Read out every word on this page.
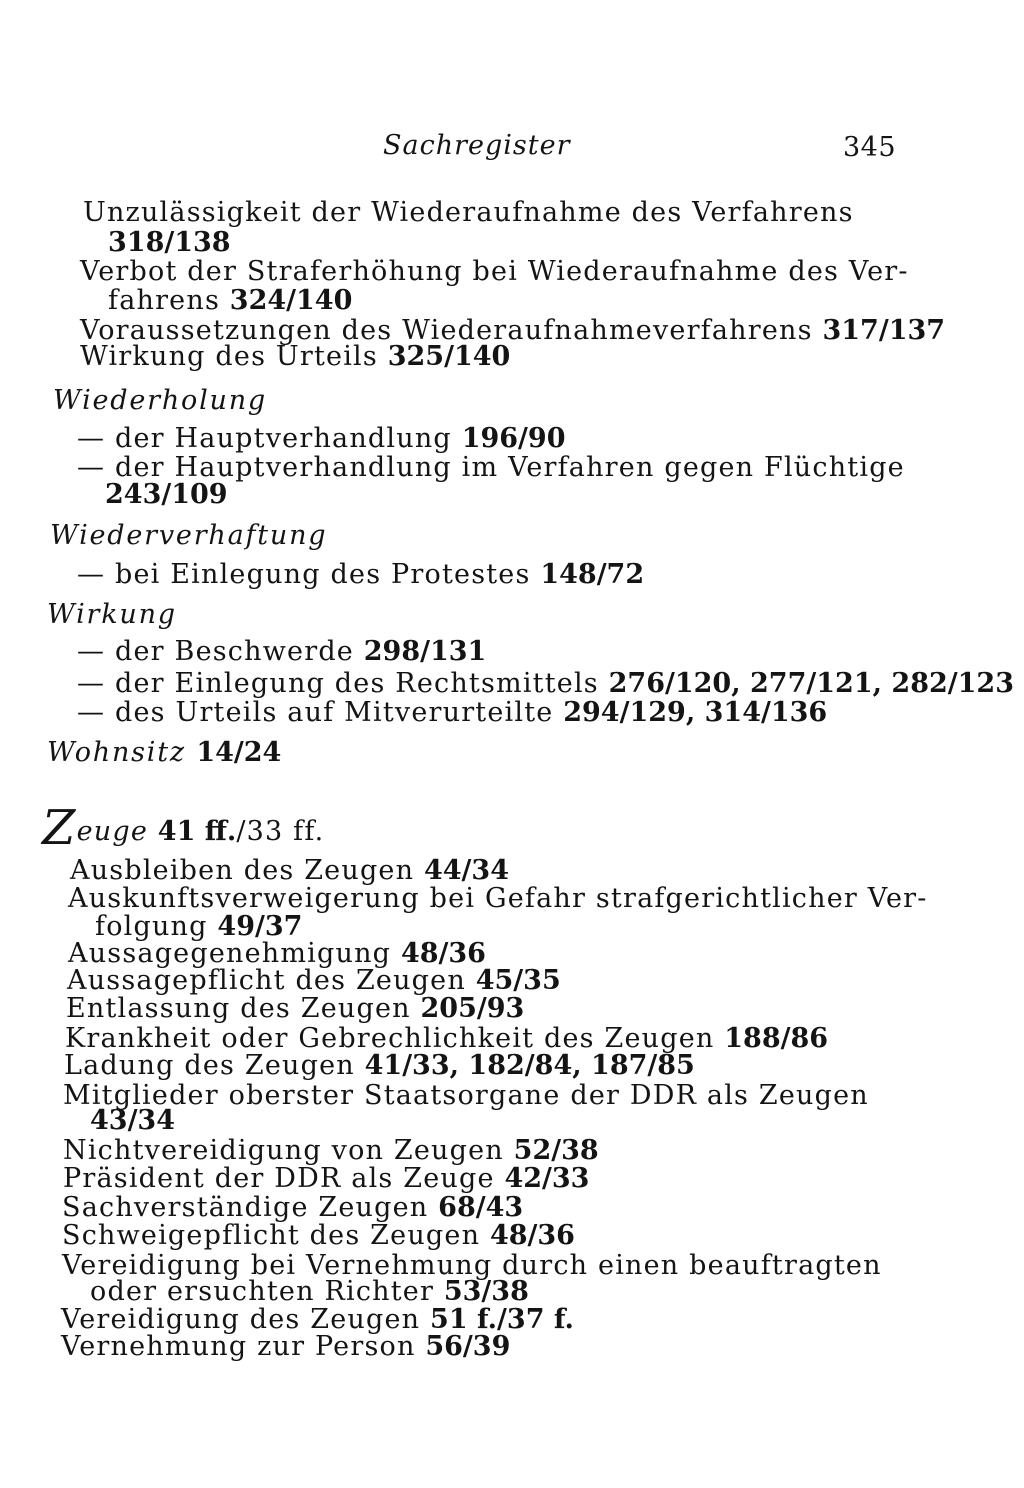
Sachregister	345
Unzulässigkeit der Wiederaufnahme des Verfahrens
318/138
Verbot der Straferhöhung bei Wiederaufnahme des Ver-
fahrens 324/140
Voraussetzungen des Wiederaufnahmeverfahrens 317/137
Wirkung des Urteils 325/140
Wiederholung
— der Hauptverhandlung 196/90
— der Hauptverhandlung im Verfahren gegen Flüchtige
243/109
Wiederverhaftung
— bei Einlegung des Protestes 148/72
Wirkung
— der Beschwerde 298/131
— der Einlegung des Rechtsmittels 276/120, 277/121, 282/123
— des Urteils auf Mitverurteilte 294/129, 314/136
Wohnsitz 14/24
Zeuge 41 ff./33 ff.
Ausbleiben des Zeugen 44/34
Auskunftsverweigerung bei Gefahr strafgerichtlicher Ver-
folgung 49/37
Aussagegenehmigung 48/36
Aussagepflicht des Zeugen 45/35
Entlassung des Zeugen 205/93
Krankheit oder Gebrechlichkeit des Zeugen 188/86
Ladung des Zeugen 41/33, 182/84, 187/85
Mitglieder oberster Staatsorgane der DDR als Zeugen
43/34
Nichtvereidigung von Zeugen 52/38
Präsident der DDR als Zeuge 42/33
Sachverständige Zeugen 68/43
Schweigepflicht des Zeugen 48/36
Vereidigung bei Vernehmung durch einen beauftragten
oder ersuchten Richter 53/38
Vereidigung des Zeugen 51 f./37 f.
Vernehmung zur Person 56/39
